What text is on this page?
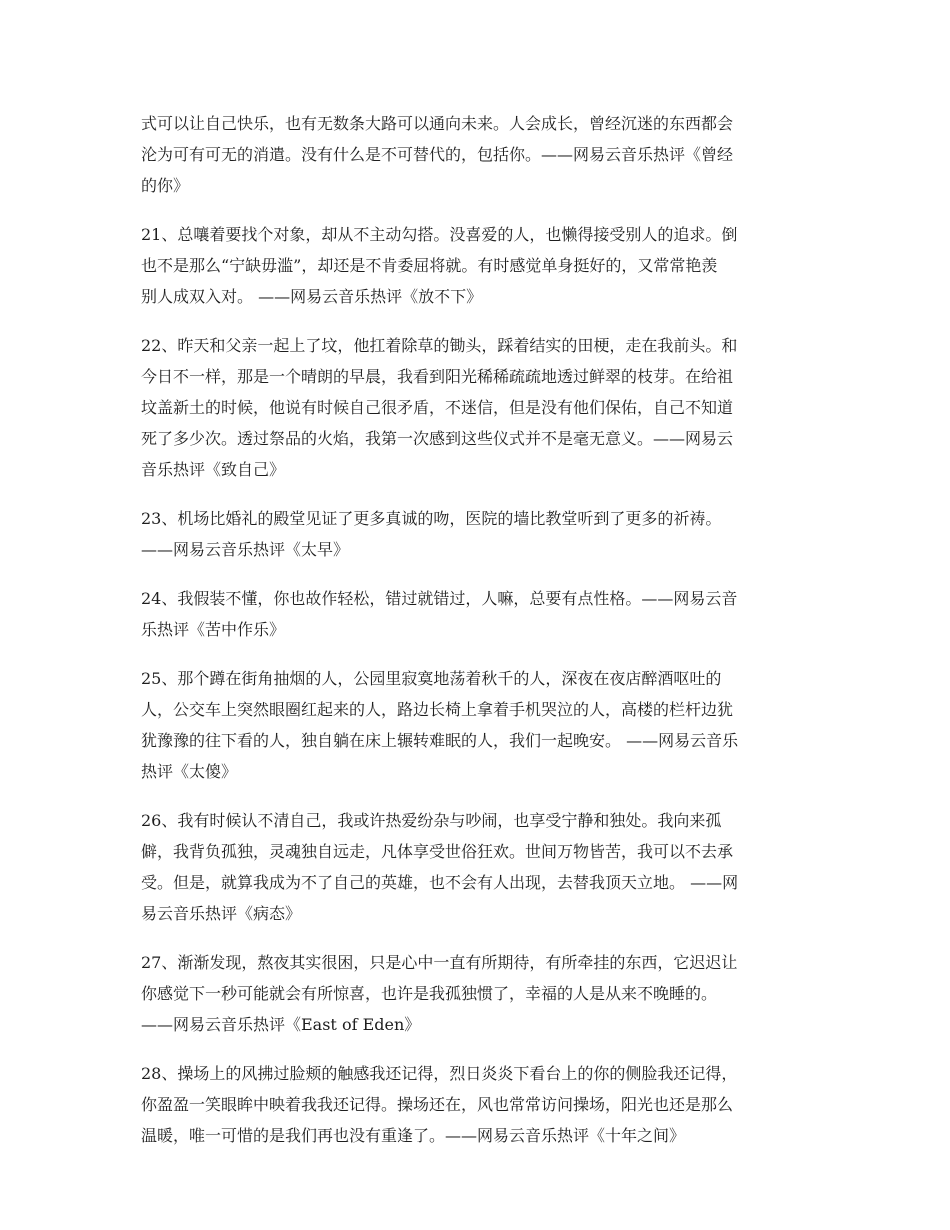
式可以让自己快乐，也有无数条大路可以通向未来。人会成长，曾经沉迷的东西都会
沦为可有可无的消遣。没有什么是不可替代的，包括你。——网易云音乐热评《曾经
的你》
21、总嚷着要找个对象，却从不主动勾搭。没喜爱的人，也懒得接受别人的追求。倒
也不是那么“宁缺毋滥”，却还是不肯委屈将就。有时感觉单身挺好的，又常常艳羡
别人成双入对。 ——网易云音乐热评《放不下》
22、昨天和父亲一起上了坟，他扛着除草的锄头，踩着结实的田梗，走在我前头。和
今日不一样，那是一个晴朗的早晨，我看到阳光稀稀疏疏地透过鲜翠的枝芽。在给祖
坟盖新土的时候，他说有时候自己很矛盾，不迷信，但是没有他们保佑，自己不知道
死了多少次。透过祭品的火焰，我第一次感到这些仪式并不是毫无意义。——网易云
音乐热评《致自己》
23、机场比婚礼的殿堂见证了更多真诚的吻，医院的墙比教堂听到了更多的祈祷。
——网易云音乐热评《太早》
24、我假装不懂，你也故作轻松，错过就错过，人嘛，总要有点性格。——网易云音
乐热评《苦中作乐》
25、那个蹲在街角抽烟的人，公园里寂寞地荡着秋千的人，深夜在夜店醉酒呕吐的
人，公交车上突然眼圈红起来的人，路边长椅上拿着手机哭泣的人，高楼的栏杆边犹
犹豫豫的往下看的人，独自躺在床上辗转难眠的人，我们一起晚安。 ——网易云音乐
热评《太傻》
26、我有时候认不清自己，我或许热爱纷杂与吵闹，也享受宁静和独处。我向来孤
僻，我背负孤独，灵魂独自远走，凡体享受世俗狂欢。世间万物皆苦，我可以不去承
受。但是，就算我成为不了自己的英雄，也不会有人出现，去替我顶天立地。 ——网
易云音乐热评《病态》
27、渐渐发现，熬夜其实很困，只是心中一直有所期待，有所牵挂的东西，它迟迟让
你感觉下一秒可能就会有所惊喜，也许是我孤独惯了，幸福的人是从来不晚睡的。
——网易云音乐热评《East of Eden》
28、操场上的风拂过脸颊的触感我还记得，烈日炎炎下看台上的你的侧脸我还记得，
你盈盈一笑眼眸中映着我我还记得。操场还在，风也常常访问操场，阳光也还是那么
温暖，唯一可惜的是我们再也没有重逢了。——网易云音乐热评《十年之间》
